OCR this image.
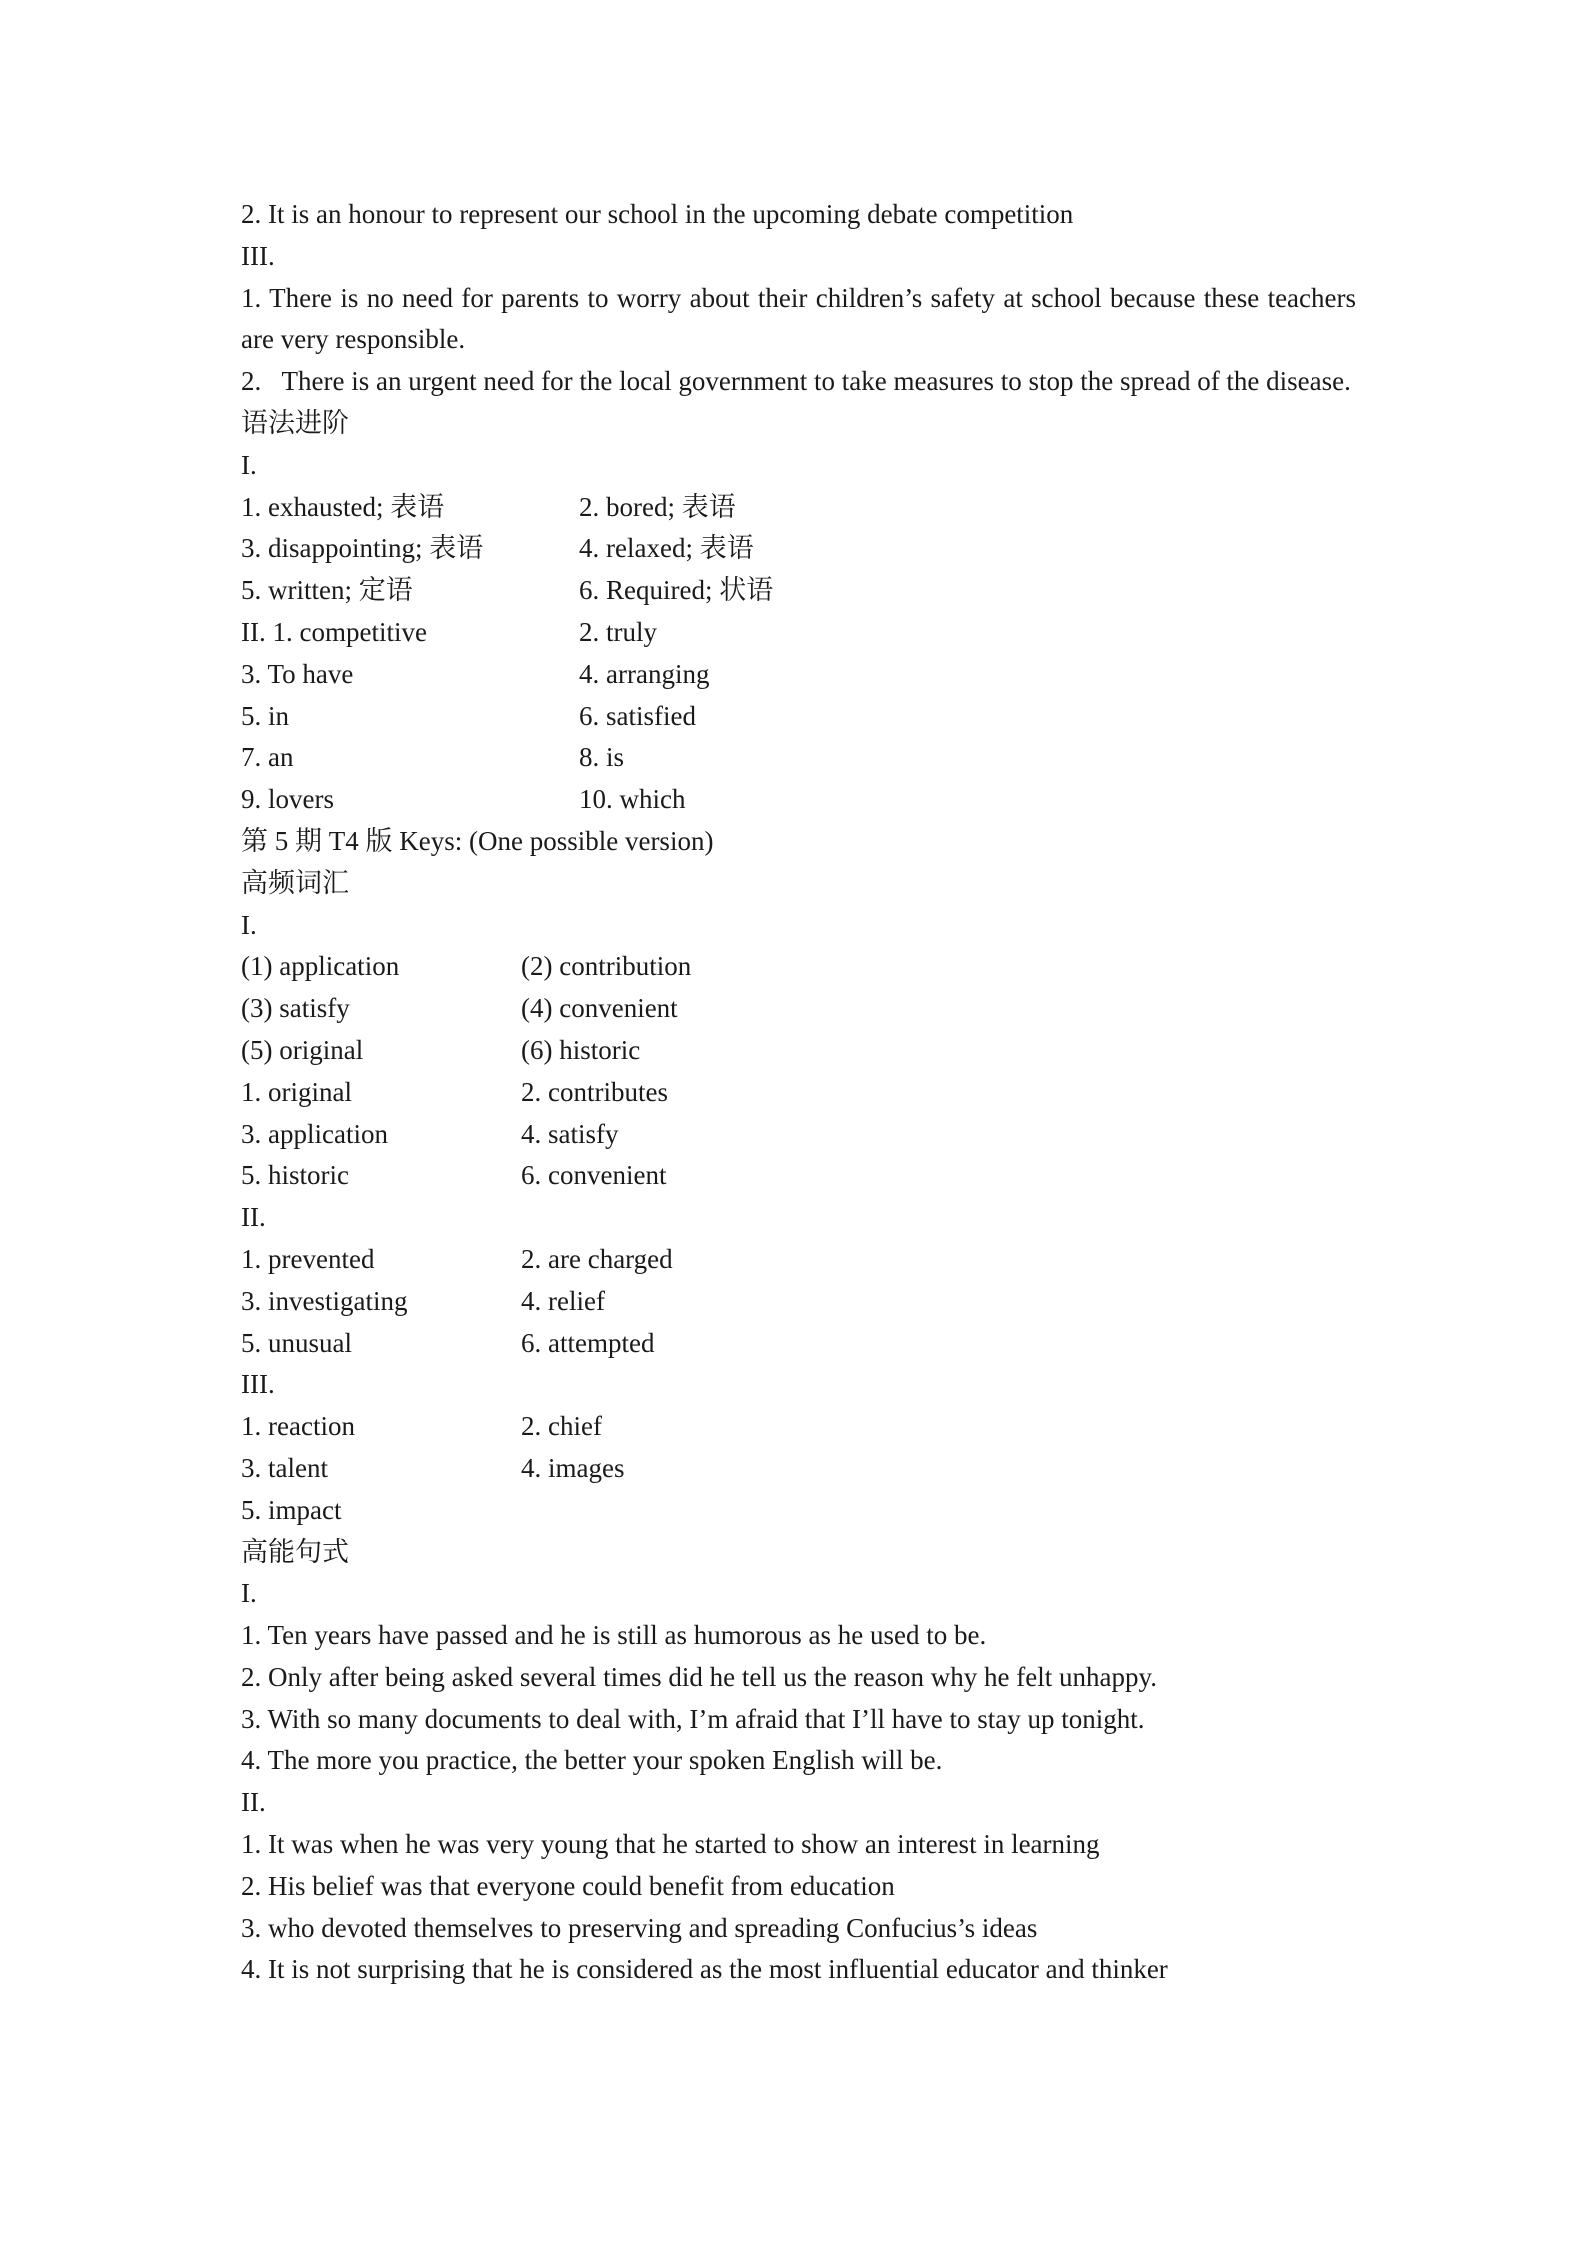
2. It is an honour to represent our school in the upcoming debate competition
III.
1. There is no need for parents to worry about their children’s safety at school because these teachers are very responsible.
2.   There is an urgent need for the local government to take measures to stop the spread of the disease.
语法进阶
I.
1. exhausted; 表语	2. bored; 表语
3. disappointing; 表语	4. relaxed; 表语
5. written; 定语	6. Required; 状语
II. 1. competitive	2. truly
3. To have	4. arranging
5. in	6. satisfied
7. an	8. is
9. lovers	10. which
第 5 期 T4 版 Keys: (One possible version)
高频词汇
I.
(1) application	(2) contribution
(3) satisfy	(4) convenient
(5) original	(6) historic
1. original	2. contributes
3. application	4. satisfy
5. historic	6. convenient
II.
1. prevented	2. are charged
3. investigating	4. relief
5. unusual	6. attempted
III.
1. reaction	2. chief
3. talent	4. images
5. impact
高能句式
I.
1. Ten years have passed and he is still as humorous as he used to be.
2. Only after being asked several times did he tell us the reason why he felt unhappy.
3. With so many documents to deal with, I’m afraid that I’ll have to stay up tonight.
4. The more you practice, the better your spoken English will be.
II.
1. It was when he was very young that he started to show an interest in learning
2. His belief was that everyone could benefit from education
3. who devoted themselves to preserving and spreading Confucius’s ideas
4. It is not surprising that he is considered as the most influential educator and thinker
